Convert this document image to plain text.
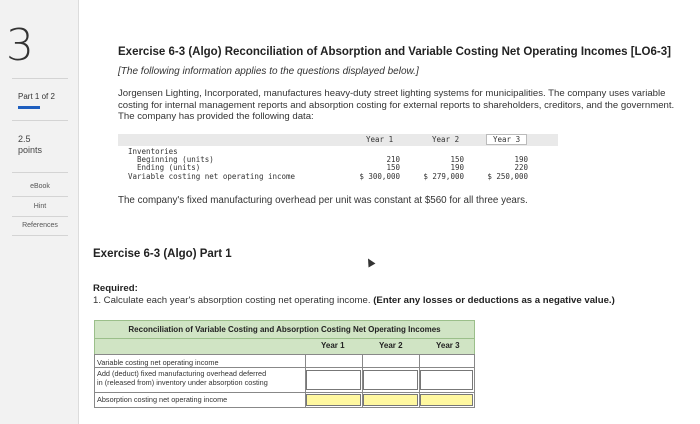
3
Part 1 of 2
2.5
points
eBook
Hint
References
Exercise 6-3 (Algo) Reconciliation of Absorption and Variable Costing Net Operating Incomes [LO6-3]
[The following information applies to the questions displayed below.]
Jorgensen Lighting, Incorporated, manufactures heavy-duty street lighting systems for municipalities. The company uses variable costing for internal management reports and absorption costing for external reports to shareholders, creditors, and the government. The company has provided the following data:
Year 1	Year 2	Year 3
Inventories
Beginning (units)	210	150	190
Ending (units)	150	190	220
Variable costing net operating income	$ 300,000	$ 279,000	$ 250,000
The company's fixed manufacturing overhead per unit was constant at $560 for all three years.
Exercise 6-3 (Algo) Part 1
Required:
1. Calculate each year's absorption costing net operating income. (Enter any losses or deductions as a negative value.)
Reconciliation of Variable Costing and Absorption Costing Net Operating Incomes
Year 1	Year 2	Year 3
Variable costing net operating income
Add (deduct) fixed manufacturing overhead deferred
in (released from) inventory under absorption costing
Absorption costing net operating income
